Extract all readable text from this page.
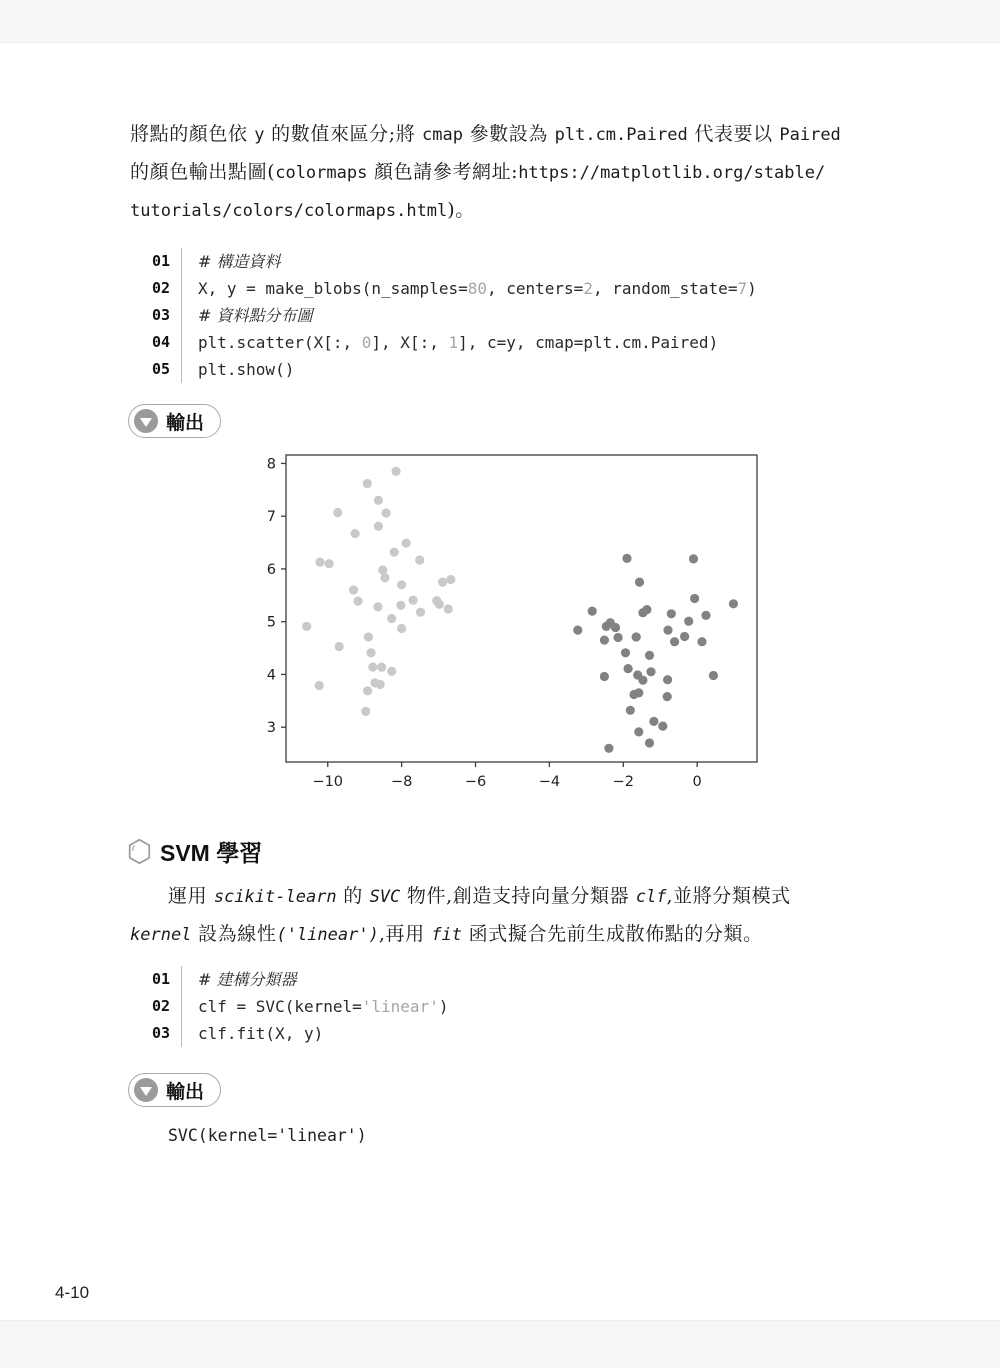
將點的顏色依 y 的數值來區分;將 cmap 參數設為 plt.cm.Paired 代表要以 Paired
的顏色輸出點圖(colormaps 顏色請參考網址:https://matplotlib.org/stable/
tutorials/colors/colormaps.html)。
01	# 構造資料
02	X, y = make_blobs(n_samples=80, centers=2, random_state=7)
03	# 資料點分布圖
04	plt.scatter(X[:, 0], X[:, 1], c=y, cmap=plt.cm.Paired)
05	plt.show()
輸出
−10	−8	−6	−4	−2	0
3
4
5
6
7
8
SVM 學習
運用 scikit-learn 的 SVC 物件,創造支持向量分類器 clf,並將分類模式
kernel 設為線性('linear'),再用 fit 函式擬合先前生成散佈點的分類。
01	# 建構分類器
02	clf = SVC(kernel='linear')
03	clf.fit(X, y)
輸出
SVC(kernel='linear')
4-10
